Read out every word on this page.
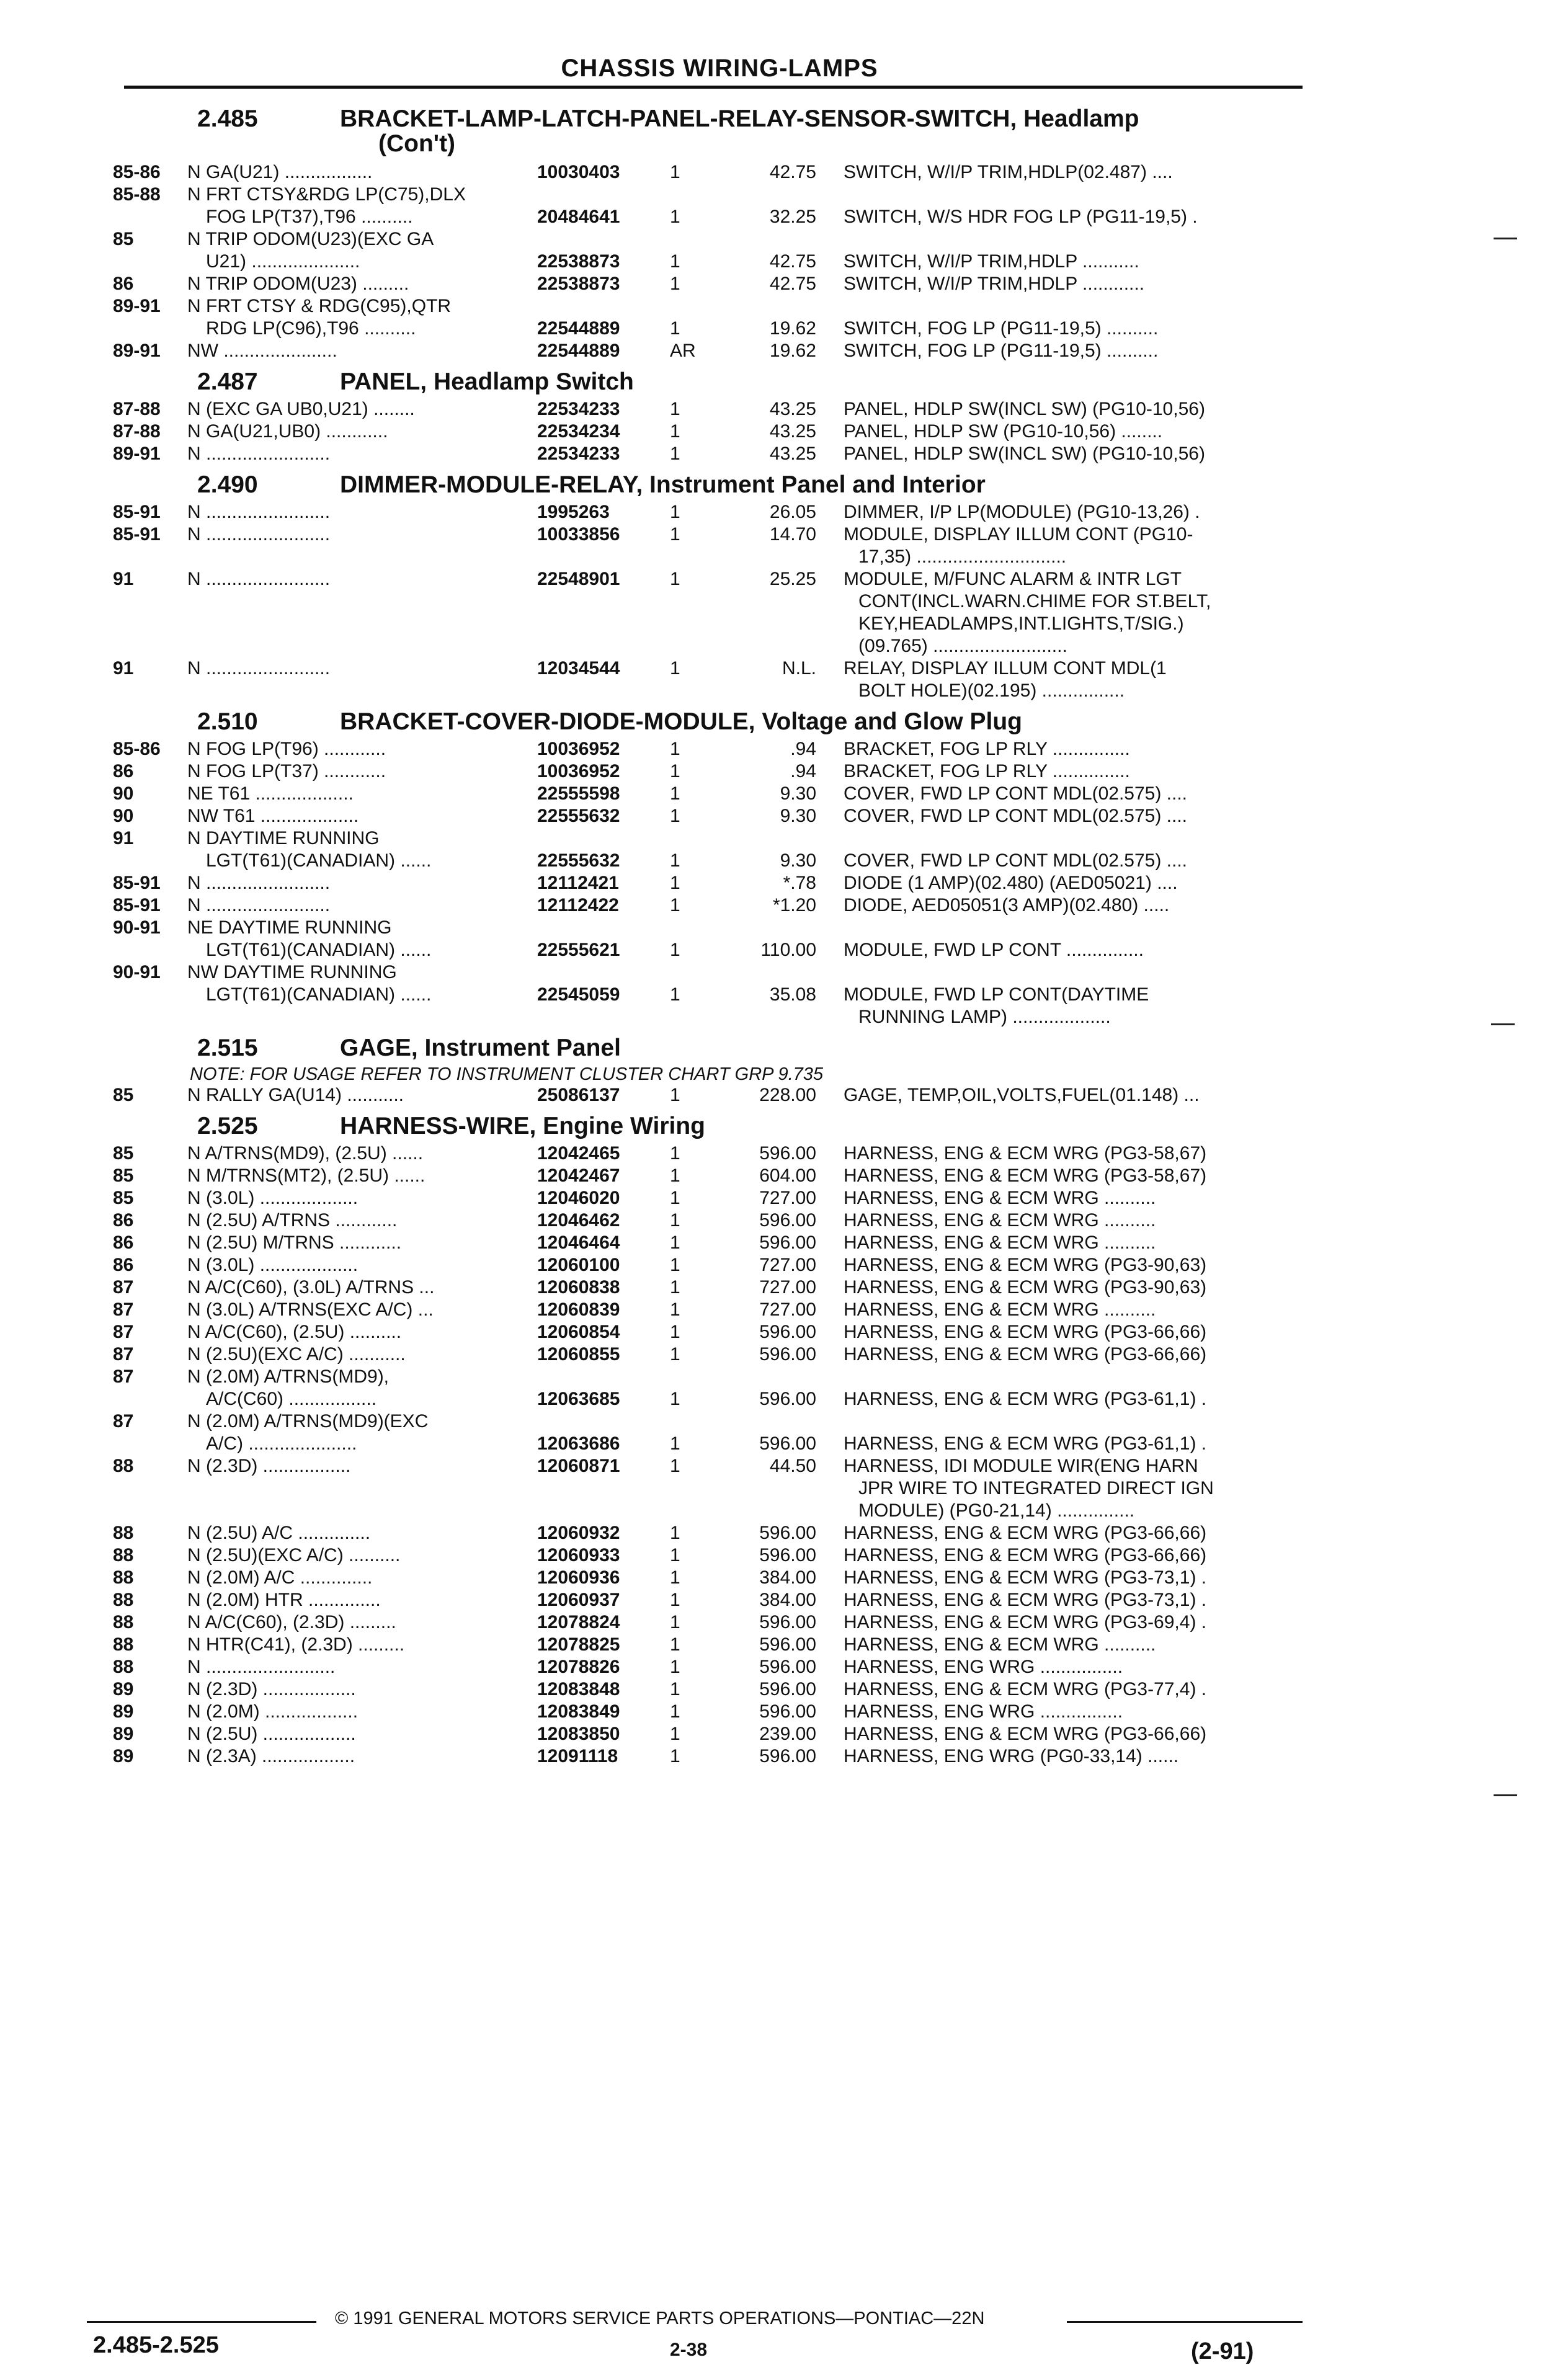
CHASSIS WIRING-LAMPS
2.485	BRACKET-LAMP-LATCH-PANEL-RELAY-SENSOR-SWITCH, Headlamp
(Con't)
85-86 N GA(U21) .................	10030403	1	42.75 SWITCH, W/I/P TRIM,HDLP(02.487) ....
85-88 N FRT CTSY&RDG LP(C75),DLX
FOG LP(T37),T96 ..........	20484641	1	32.25 SWITCH, W/S HDR FOG LP (PG11-19,5) .
85	N TRIP ODOM(U23)(EXC GA
U21) .....................	22538873	1	42.75 SWITCH, W/I/P TRIM,HDLP ...........
86	N TRIP ODOM(U23) .........	22538873	1	42.75 SWITCH, W/I/P TRIM,HDLP ............
89-91 N FRT CTSY & RDG(C95),QTR
RDG LP(C96),T96 ..........	22544889	1	19.62 SWITCH, FOG LP (PG11-19,5) ..........
89-91 NW ......................	22544889	AR	19.62 SWITCH, FOG LP (PG11-19,5) ..........
2.487	PANEL, Headlamp Switch
87-88 N (EXC GA UB0,U21) ........	22534233	1	43.25 PANEL, HDLP SW(INCL SW) (PG10-10,56)
87-88 N GA(U21,UB0) ............	22534234	1	43.25 PANEL, HDLP SW (PG10-10,56) ........
89-91 N ........................	22534233	1	43.25 PANEL, HDLP SW(INCL SW) (PG10-10,56)
2.490	DIMMER-MODULE-RELAY, Instrument Panel and Interior
85-91 N ........................	1995263	1	26.05 DIMMER, I/P LP(MODULE) (PG10-13,26) .
85-91 N ........................	10033856	1	14.70 MODULE, DISPLAY ILLUM CONT (PG10-
17,35) .............................
91	N ........................	22548901	1	25.25 MODULE, M/FUNC ALARM & INTR LGT
CONT(INCL.WARN.CHIME FOR ST.BELT,
KEY,HEADLAMPS,INT.LIGHTS,T/SIG.)
(09.765) ..........................
91	N ........................	12034544	1	N.L. RELAY, DISPLAY ILLUM CONT MDL(1
BOLT HOLE)(02.195) ................
2.510	BRACKET-COVER-DIODE-MODULE, Voltage and Glow Plug
85-86 N FOG LP(T96) ............	10036952	1	.94 BRACKET, FOG LP RLY ...............
86	N FOG LP(T37) ............	10036952	1	.94 BRACKET, FOG LP RLY ...............
90	NE T61 ...................	22555598	1	9.30 COVER, FWD LP CONT MDL(02.575) ....
90	NW T61 ...................	22555632	1	9.30 COVER, FWD LP CONT MDL(02.575) ....
91	N DAYTIME RUNNING
LGT(T61)(CANADIAN) ......	22555632	1	9.30 COVER, FWD LP CONT MDL(02.575) ....
85-91 N ........................	12112421	1	*.78 DIODE (1 AMP)(02.480) (AED05021) ....
85-91 N ........................	12112422	1	*1.20 DIODE, AED05051(3 AMP)(02.480) .....
90-91 NE DAYTIME RUNNING
LGT(T61)(CANADIAN) ......	22555621	1	110.00 MODULE, FWD LP CONT ...............
90-91 NW DAYTIME RUNNING
LGT(T61)(CANADIAN) ......	22545059	1	35.08 MODULE, FWD LP CONT(DAYTIME
RUNNING LAMP) ...................
2.515	GAGE, Instrument Panel
NOTE: FOR USAGE REFER TO INSTRUMENT CLUSTER CHART GRP 9.735
85	N RALLY GA(U14) ...........	25086137	1	228.00 GAGE, TEMP,OIL,VOLTS,FUEL(01.148) ...
2.525	HARNESS-WIRE, Engine Wiring
85	N A/TRNS(MD9), (2.5U) ......	12042465	1	596.00 HARNESS, ENG & ECM WRG (PG3-58,67)
85	N M/TRNS(MT2), (2.5U) ......	12042467	1	604.00 HARNESS, ENG & ECM WRG (PG3-58,67)
85	N (3.0L) ...................	12046020	1	727.00 HARNESS, ENG & ECM WRG ..........
86	N (2.5U) A/TRNS ............	12046462	1	596.00 HARNESS, ENG & ECM WRG ..........
86	N (2.5U) M/TRNS ............	12046464	1	596.00 HARNESS, ENG & ECM WRG ..........
86	N (3.0L) ...................	12060100	1	727.00 HARNESS, ENG & ECM WRG (PG3-90,63)
87	N A/C(C60), (3.0L) A/TRNS ...	12060838	1	727.00 HARNESS, ENG & ECM WRG (PG3-90,63)
87	N (3.0L) A/TRNS(EXC A/C) ...	12060839	1	727.00 HARNESS, ENG & ECM WRG ..........
87	N A/C(C60), (2.5U) ..........	12060854	1	596.00 HARNESS, ENG & ECM WRG (PG3-66,66)
87	N (2.5U)(EXC A/C) ...........	12060855	1	596.00 HARNESS, ENG & ECM WRG (PG3-66,66)
87	N (2.0M) A/TRNS(MD9),
A/C(C60) .................	12063685	1	596.00 HARNESS, ENG & ECM WRG (PG3-61,1) .
87	N (2.0M) A/TRNS(MD9)(EXC
A/C) .....................	12063686	1	596.00 HARNESS, ENG & ECM WRG (PG3-61,1) .
88	N (2.3D) .................	12060871	1	44.50 HARNESS, IDI MODULE WIR(ENG HARN
JPR WIRE TO INTEGRATED DIRECT IGN
MODULE) (PG0-21,14) ...............
88	N (2.5U) A/C ..............	12060932	1	596.00 HARNESS, ENG & ECM WRG (PG3-66,66)
88	N (2.5U)(EXC A/C) ..........	12060933	1	596.00 HARNESS, ENG & ECM WRG (PG3-66,66)
88	N (2.0M) A/C ..............	12060936	1	384.00 HARNESS, ENG & ECM WRG (PG3-73,1) .
88	N (2.0M) HTR ..............	12060937	1	384.00 HARNESS, ENG & ECM WRG (PG3-73,1) .
88	N A/C(C60), (2.3D) .........	12078824	1	596.00 HARNESS, ENG & ECM WRG (PG3-69,4) .
88	N HTR(C41), (2.3D) .........	12078825	1	596.00 HARNESS, ENG & ECM WRG ..........
88	N .........................	12078826	1	596.00 HARNESS, ENG WRG ................
89	N (2.3D) ..................	12083848	1	596.00 HARNESS, ENG & ECM WRG (PG3-77,4) .
89	N (2.0M) ..................	12083849	1	596.00 HARNESS, ENG WRG ................
89	N (2.5U) ..................	12083850	1	239.00 HARNESS, ENG & ECM WRG (PG3-66,66)
89	N (2.3A) ..................	12091118	1	596.00 HARNESS, ENG WRG (PG0-33,14) ......
© 1991 GENERAL MOTORS SERVICE PARTS OPERATIONS—PONTIAC—22N
2.485-2.525	2-38	(2-91)
